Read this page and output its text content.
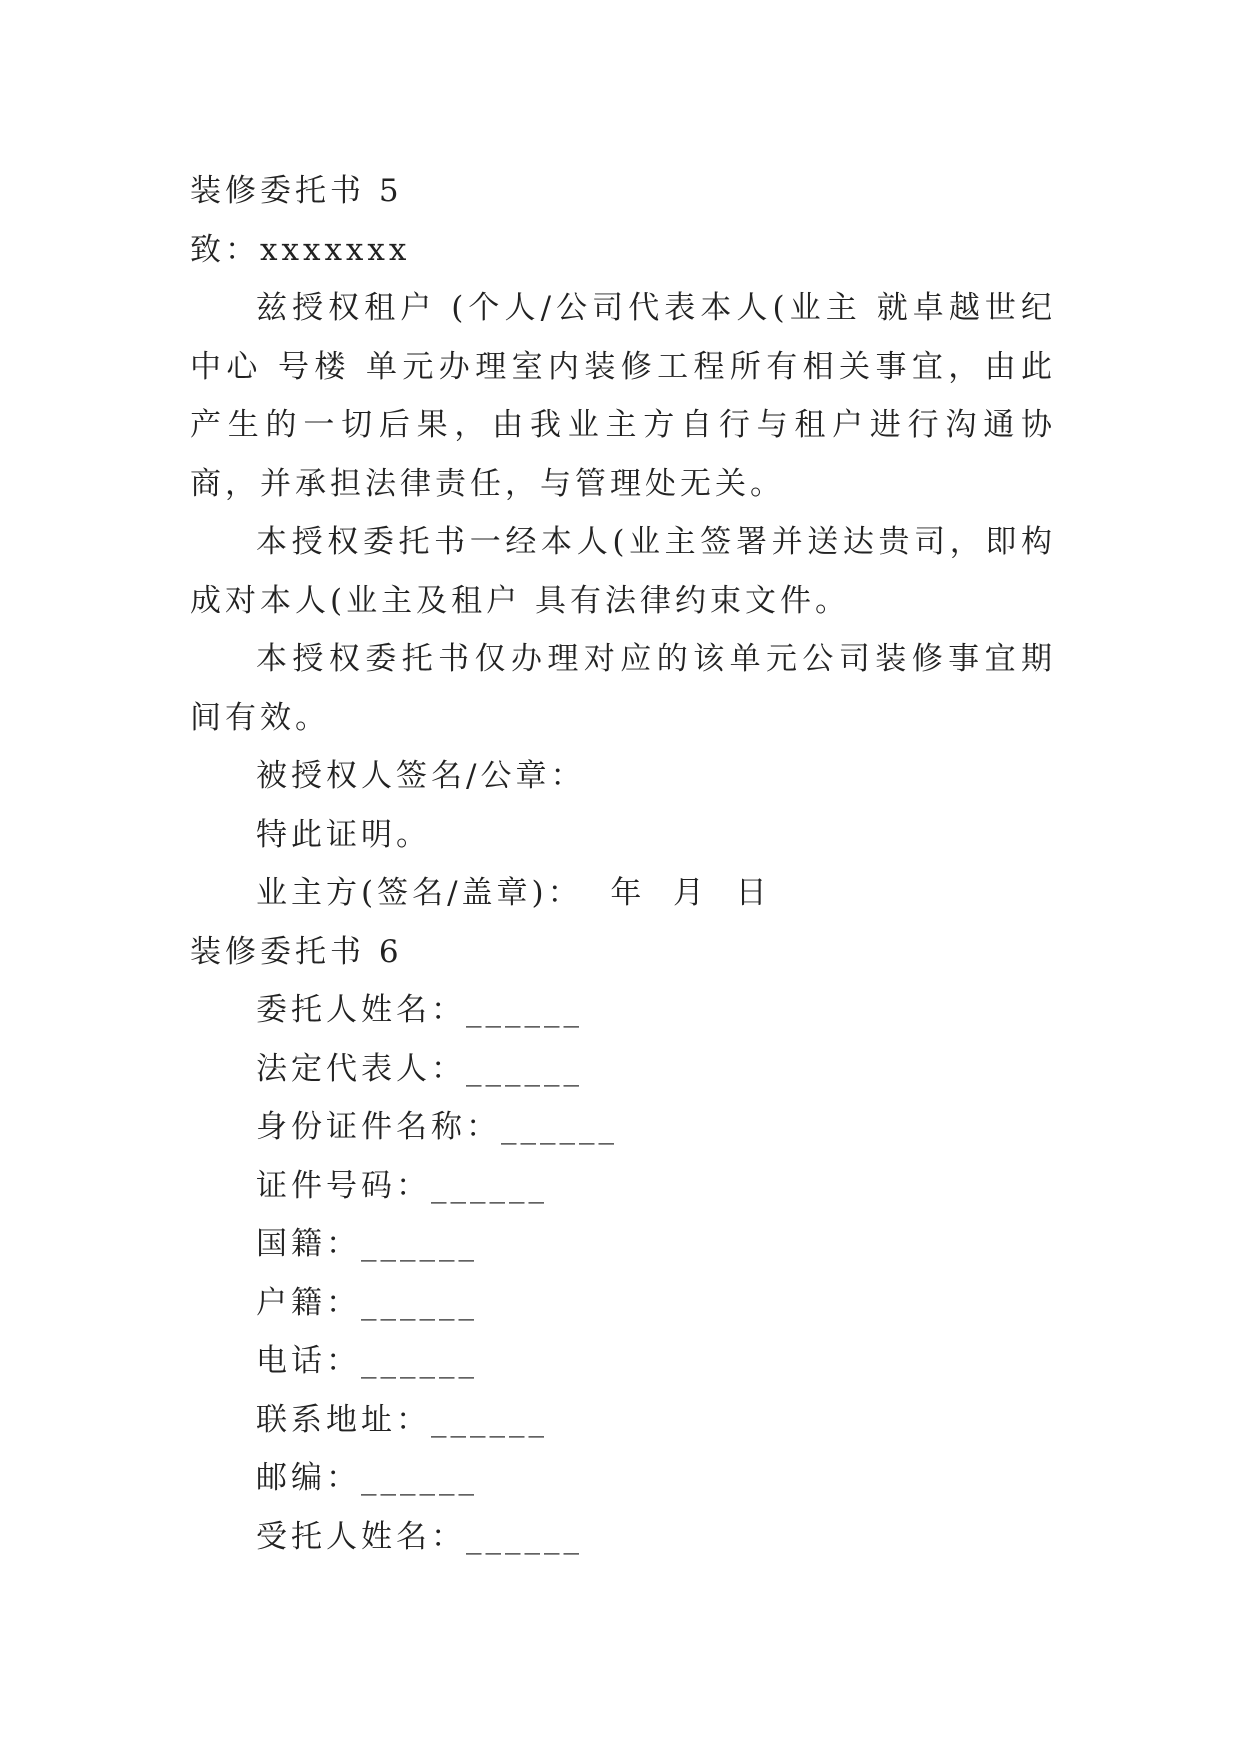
装修委托书 5
致：xxxxxxx
兹授权租户 (个人/公司代表本人(业主 就卓越世纪中心 号楼 单元办理室内装修工程所有相关事宜，由此产生的一切后果，由我业主方自行与租户进行沟通协商，并承担法律责任，与管理处无关。
本授权委托书一经本人(业主签署并送达贵司，即构成对本人(业主及租户 具有法律约束文件。
本授权委托书仅办理对应的该单元公司装修事宜期间有效。
被授权人签名/公章：
特此证明。
业主方(签名/盖章)：  年  月  日
装修委托书 6
委托人姓名：______
法定代表人：______
身份证件名称：______
证件号码：______
国籍：______
户籍：______
电话：______
联系地址：______
邮编：______
受托人姓名：______
